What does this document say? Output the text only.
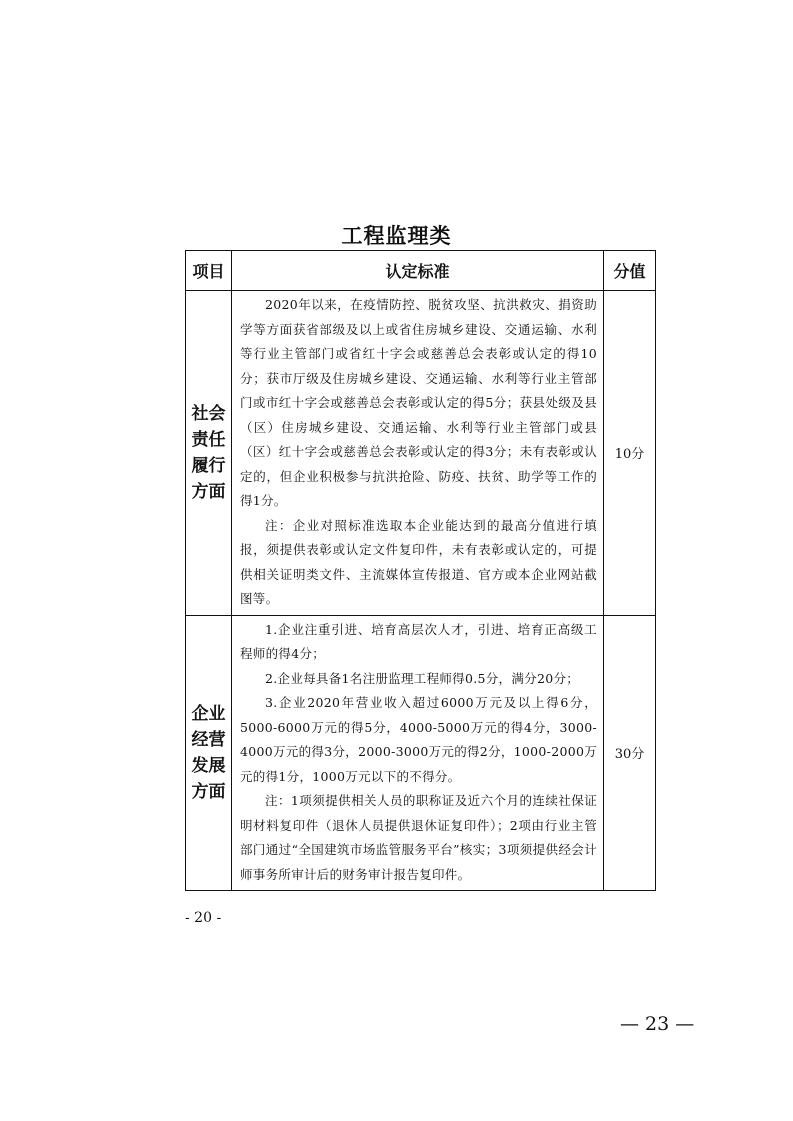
工程监理类
项目	认定标准	分值
社会责任履行方面	2020年以来，在疫情防控、脱贫攻坚、抗洪救灾、捐资助学等方面获省部级及以上或省住房城乡建设、交通运输、水利等行业主管部门或省红十字会或慈善总会表彰或认定的得10分；获市厅级及住房城乡建设、交通运输、水利等行业主管部门或市红十字会或慈善总会表彰或认定的得5分；获县处级及县（区）住房城乡建设、交通运输、水利等行业主管部门或县（区）红十字会或慈善总会表彰或认定的得3分；未有表彰或认定的，但企业积极参与抗洪抢险、防疫、扶贫、助学等工作的得1分。

注：企业对照标准选取本企业能达到的最高分值进行填报，须提供表彰或认定文件复印件，未有表彰或认定的，可提供相关证明类文件、主流媒体宣传报道、官方或本企业网站截图等。	10分
企业经营发展方面	1.企业注重引进、培育高层次人才，引进、培育正高级工程师的得4分；

2.企业每具备1名注册监理工程师得0.5分，满分20分；

3.企业2020年营业收入超过6000万元及以上得6分，5000-6000万元的得5分，4000-5000万元的得4分，3000-4000万元的得3分，2000-3000万元的得2分，1000-2000万元的得1分，1000万元以下的不得分。

注：1项须提供相关人员的职称证及近六个月的连续社保证明材料复印件（退休人员提供退休证复印件）；2项由行业主管部门通过“全国建筑市场监管服务平台”核实；3项须提供经会计师事务所审计后的财务审计报告复印件。	30分
- 20 -
— 23 —
